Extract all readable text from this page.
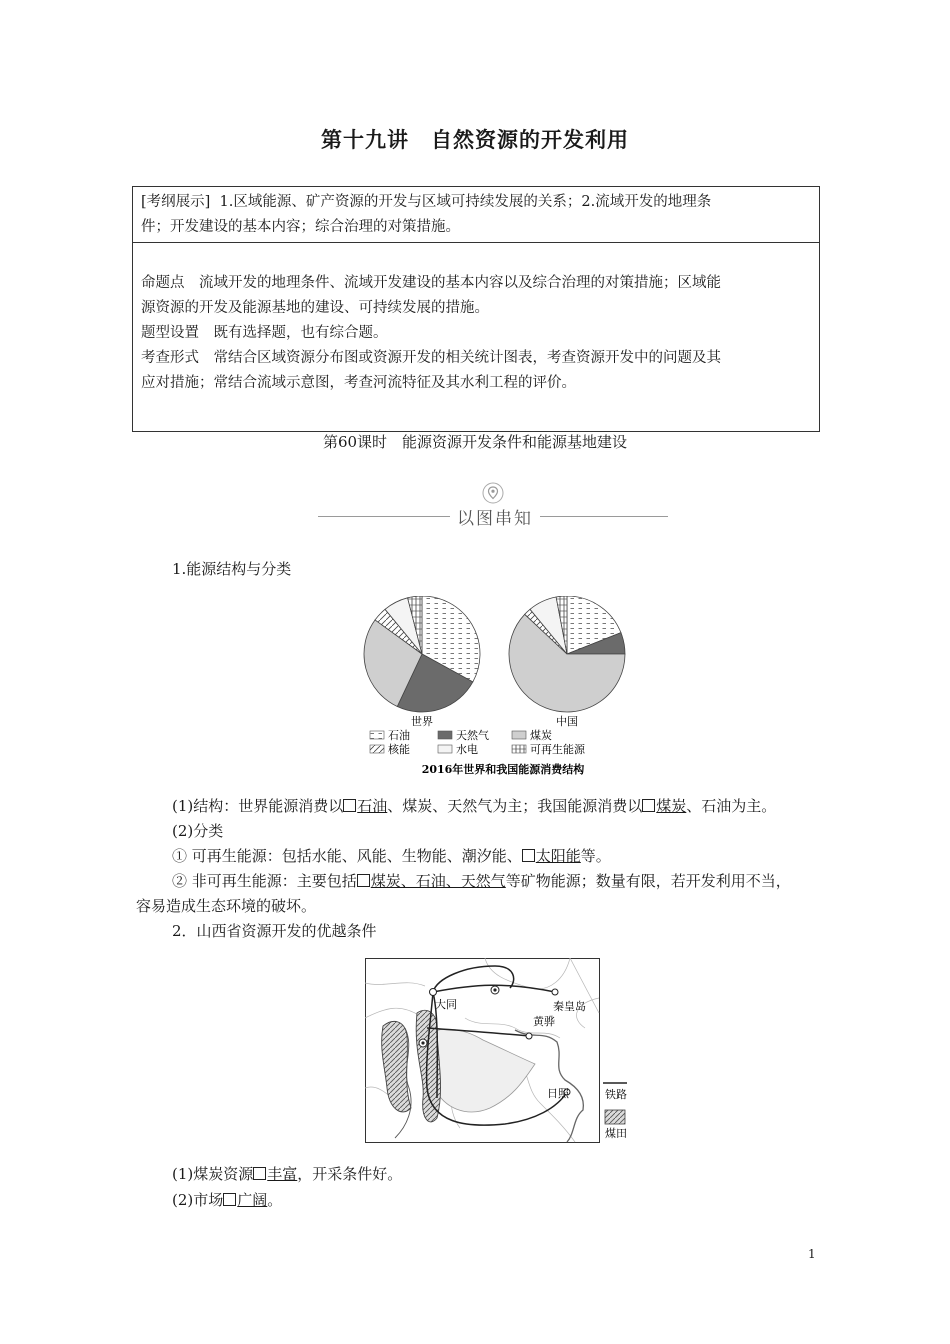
第十九讲　自然资源的开发利用
[考纲展示] 1.区域能源、矿产资源的开发与区域可持续发展的关系；2.流域开发的地理条
件；开发建设的基本内容；综合治理的对策措施。
命题点　流域开发的地理条件、流域开发建设的基本内容以及综合治理的对策措施；区域能
源资源的开发及能源基地的建设、可持续发展的措施。
题型设置　既有选择题，也有综合题。
考查形式　常结合区域资源分布图或资源开发的相关统计图表，考查资源开发中的问题及其
应对措施；常结合流域示意图，考查河流特征及其水利工程的评价。
第60课时　能源资源开发条件和能源基地建设
以图串知
1.能源结构与分类
世界	中国
石油	天然气	煤炭
核能	水电	可再生能源
2016年世界和我国能源消费结构
(1)结构：世界能源消费以 石油、煤炭、天然气为主；我国能源消费以 煤炭、石油为主。
(2)分类
① 可再生能源：包括水能、风能、生物能、潮汐能、 太阳能等。
② 非可再生能源：主要包括 煤炭、石油、天然气等矿物能源；数量有限，若开发利用不当，
容易造成生态环境的破坏。
2．山西省资源开发的优越条件
大同	秦皇岛
黄骅
日照	铁路
煤田
(1)煤炭资源 丰富，开采条件好。
(2)市场 广阔。
1
